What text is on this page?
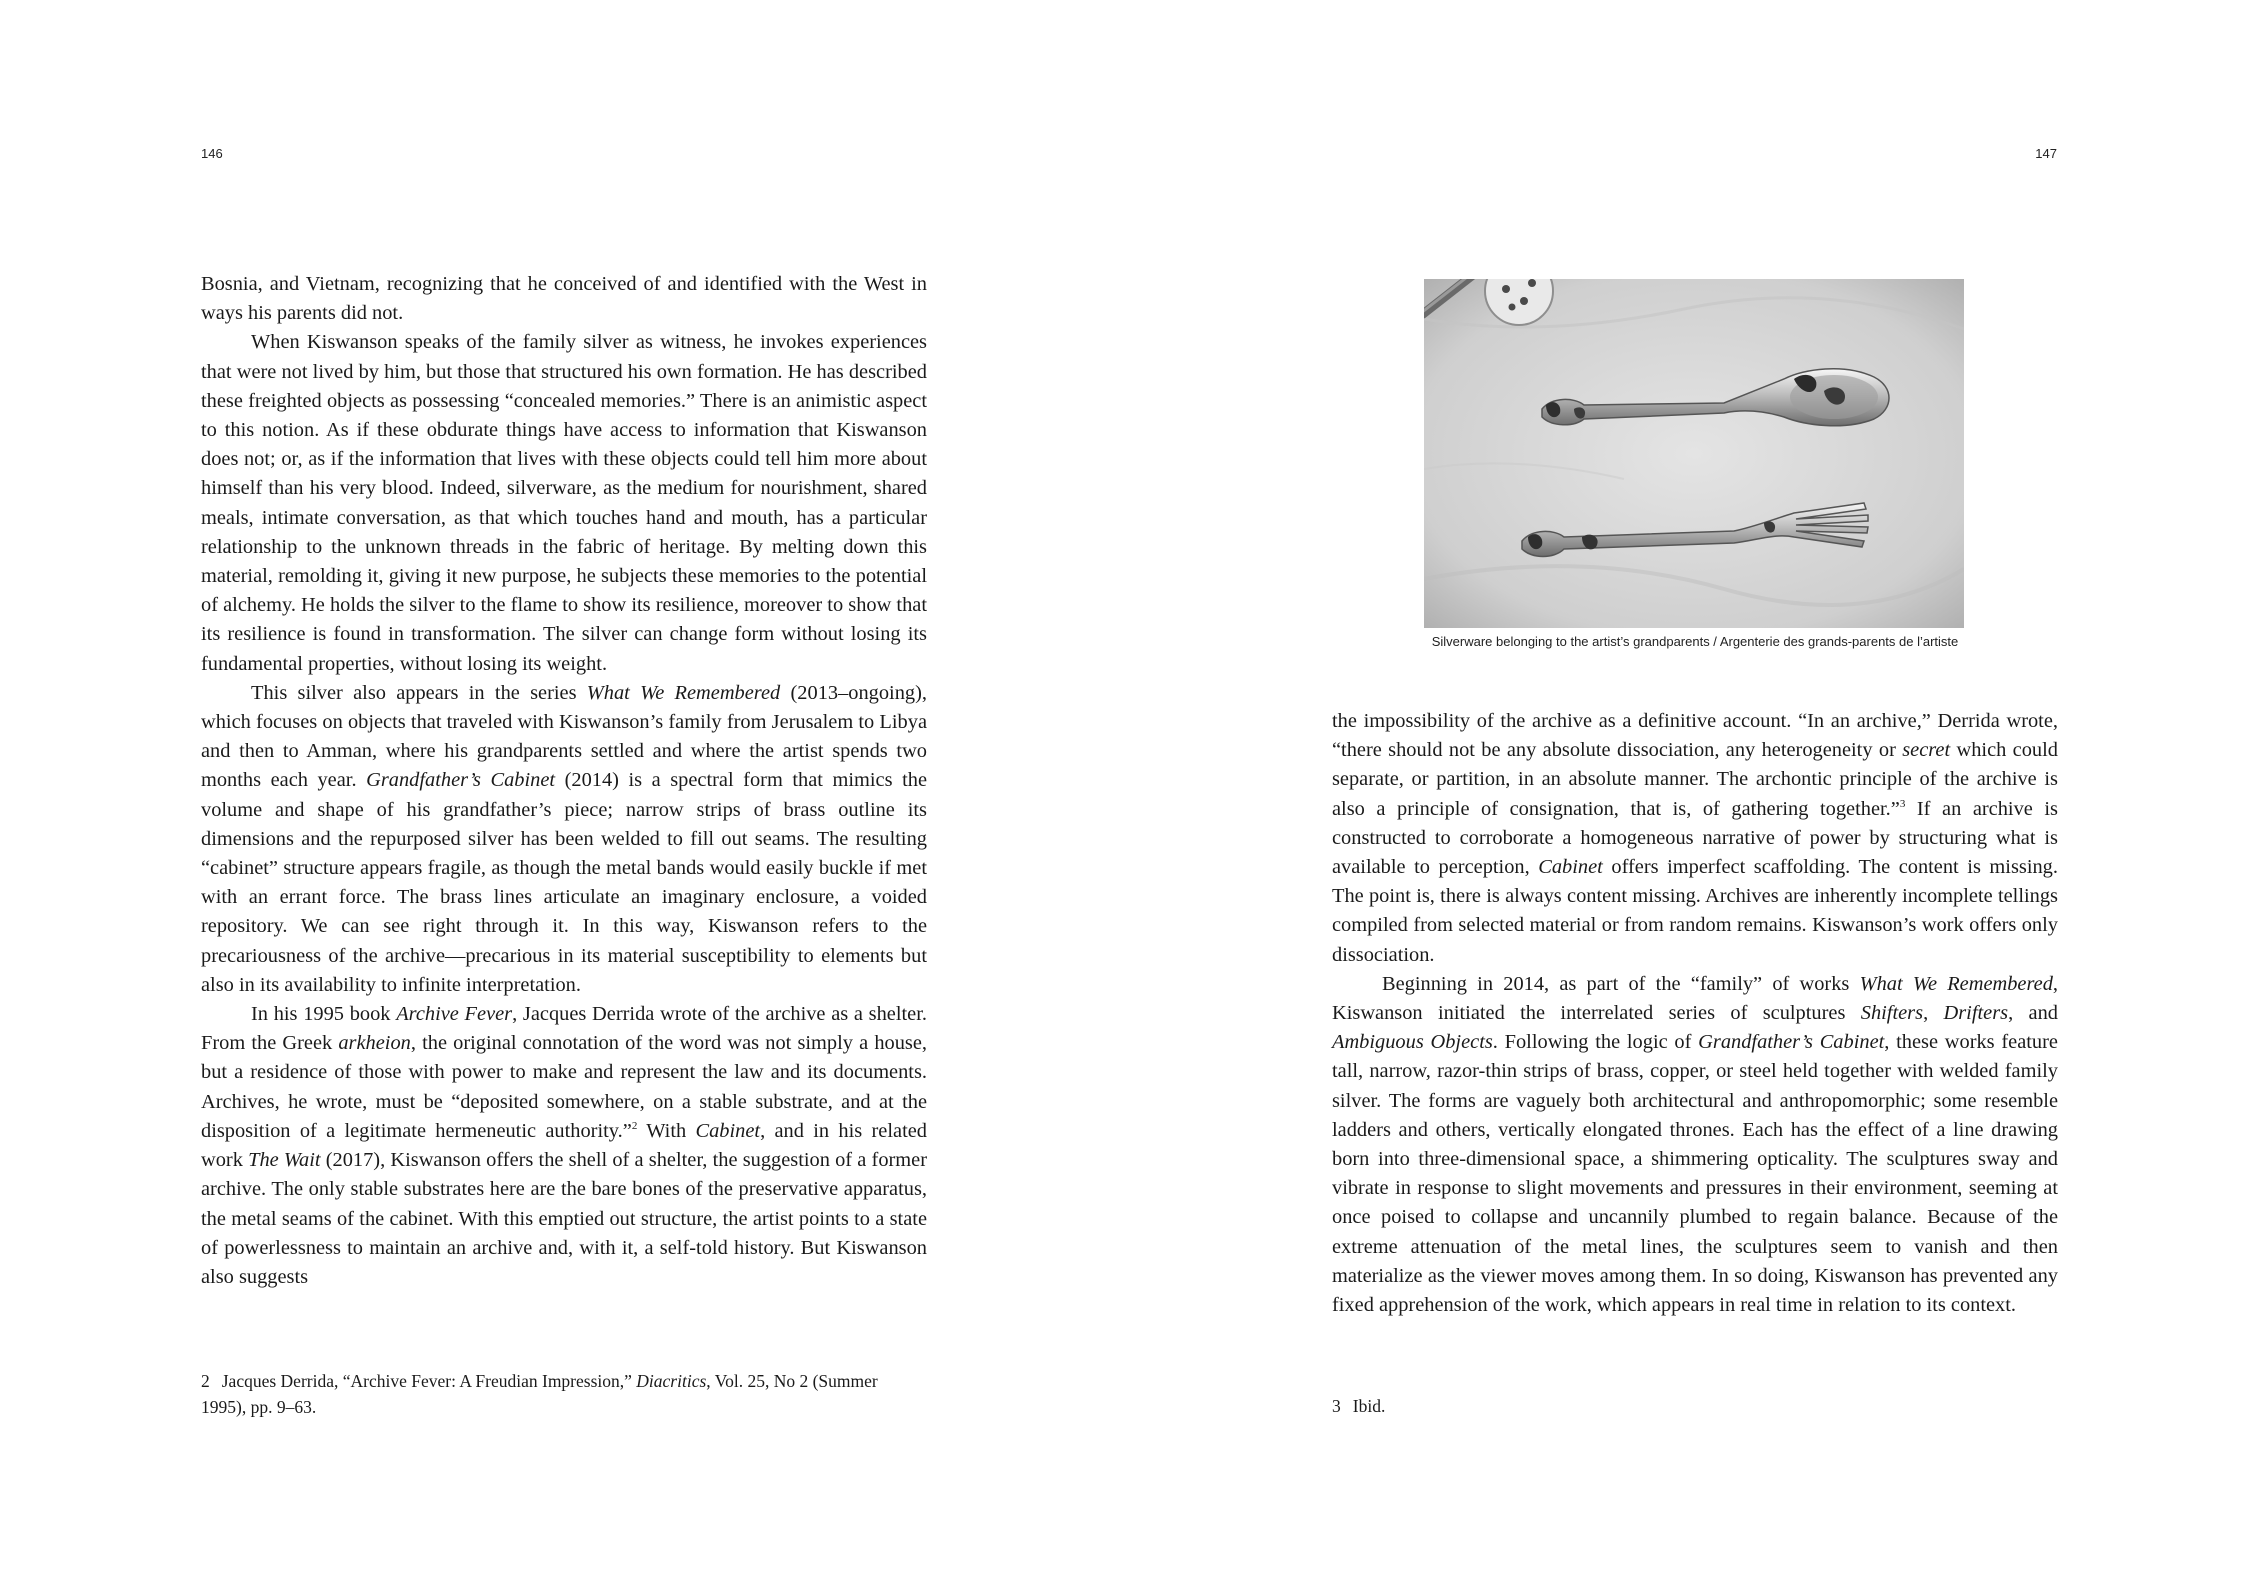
146

Bosnia, and Vietnam, recognizing that he conceived of and identified with the West in ways his parents did not.

When Kiswanson speaks of the family silver as witness, he invokes experiences that were not lived by him, but those that structured his own formation. He has described these freighted objects as possessing “concealed memories.” There is an animistic aspect to this notion. As if these obdurate things have access to information that Kiswanson does not; or, as if the information that lives with these objects could tell him more about himself than his very blood. Indeed, silverware, as the medium for nourishment, shared meals, intimate conversation, as that which touches hand and mouth, has a particular relationship to the unknown threads in the fabric of heritage. By melting down this material, remolding it, giving it new purpose, he subjects these memories to the potential of alchemy. He holds the silver to the flame to show its resilience, moreover to show that its resilience is found in transformation. The silver can change form without losing its fundamental properties, without losing its weight.

This silver also appears in the series What We Remembered (2013–ongoing), which focuses on objects that traveled with Kiswanson’s family from Jerusalem to Libya and then to Amman, where his grandparents settled and where the artist spends two months each year. Grandfather’s Cabinet (2014) is a spectral form that mimics the volume and shape of his grandfather’s piece; narrow strips of brass outline its dimensions and the repurposed silver has been welded to fill out seams. The resulting “cabinet” structure appears fragile, as though the metal bands would easily buckle if met with an errant force. The brass lines articulate an imaginary enclosure, a voided repository. We can see right through it. In this way, Kiswanson refers to the precariousness of the archive—precarious in its material susceptibility to elements but also in its availability to infinite interpretation.

In his 1995 book Archive Fever, Jacques Derrida wrote of the archive as a shelter. From the Greek arkheion, the original connotation of the word was not simply a house, but a residence of those with power to make and represent the law and its documents. Archives, he wrote, must be “deposited somewhere, on a stable substrate, and at the disposition of a legitimate hermeneutic authority.”$^2$ With Cabinet, and in his related work The Wait (2017), Kiswanson offers the shell of a shelter, the suggestion of a former archive. The only stable substrates here are the bare bones of the preservative apparatus, the metal seams of the cabinet. With this emptied out structure, the artist points to a state of powerlessness to maintain an archive and, with it, a self-told history. But Kiswanson also suggests

2 Jacques Derrida, “Archive Fever: A Freudian Impression,” Diacritics, Vol. 25, No 2 (Summer 1995), pp. 9–63.
147
Silverware belonging to the artist’s grandparents / Argenterie des grands-parents de l’artiste

the impossibility of the archive as a definitive account. “In an archive,” Derrida wrote, “there should not be any absolute dissociation, any heterogeneity or secret which could separate, or partition, in an absolute manner. The archontic principle of the archive is also a principle of consignation, that is, of gathering together.”$^3$ If an archive is constructed to corroborate a homogeneous narrative of power by structuring what is available to perception, Cabinet offers imperfect scaffolding. The content is missing. The point is, there is always content missing. Archives are inherently incomplete tellings compiled from selected material or from random remains. Kiswanson’s work offers only dissociation.

Beginning in 2014, as part of the “family” of works What We Remembered, Kiswanson initiated the interrelated series of sculptures Shifters, Drifters, and Ambiguous Objects. Following the logic of Grandfather’s Cabinet, these works feature tall, narrow, razor-thin strips of brass, copper, or steel held together with welded family silver. The forms are vaguely both architectural and anthropomorphic; some resemble ladders and others, vertically elongated thrones. Each has the effect of a line drawing born into three-dimensional space, a shimmering opticality. The sculptures sway and vibrate in response to slight movements and pressures in their environment, seeming at once poised to collapse and uncannily plumbed to regain balance. Because of the extreme attenuation of the metal lines, the sculptures seem to vanish and then materialize as the viewer moves among them. In so doing, Kiswanson has prevented any fixed apprehension of the work, which appears in real time in relation to its context.

3 Ibid.
